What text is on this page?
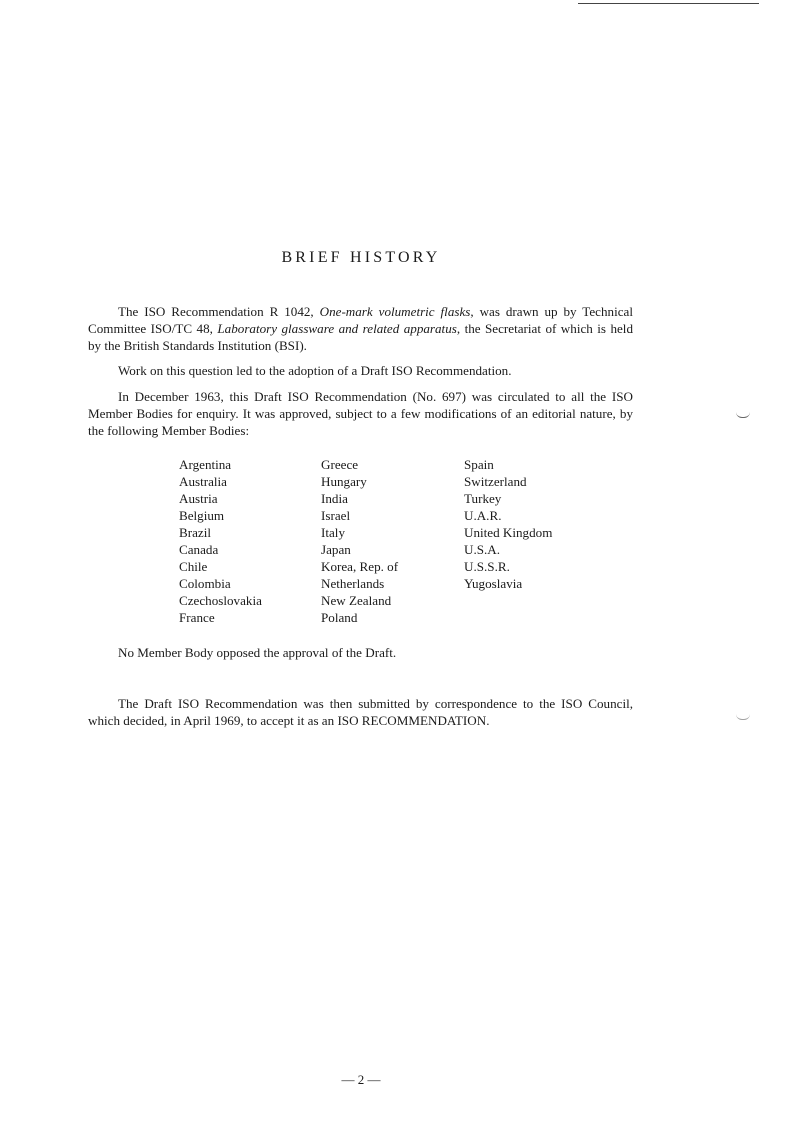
BRIEF HISTORY

The ISO Recommendation R 1042, One-mark volumetric flasks, was drawn up by Technical Committee ISO/TC 48, Laboratory glassware and related apparatus, the Secretariat of which is held by the British Standards Institution (BSI).

Work on this question led to the adoption of a Draft ISO Recommendation.

In December 1963, this Draft ISO Recommendation (No. 697) was circulated to all the ISO Member Bodies for enquiry. It was approved, subject to a few modifications of an editorial nature, by the following Member Bodies:

Argentina
Australia
Austria
Belgium
Brazil
Canada
Chile
Colombia
Czechoslovakia
France
Greece
Hungary
India
Israel
Italy
Japan
Korea, Rep. of
Netherlands
New Zealand
Poland
Spain
Switzerland
Turkey
U.A.R.
United Kingdom
U.S.A.
U.S.S.R.
Yugoslavia

No Member Body opposed the approval of the Draft.

The Draft ISO Recommendation was then submitted by correspondence to the ISO Council, which decided, in April 1969, to accept it as an ISO RECOMMENDATION.

— 2 —
